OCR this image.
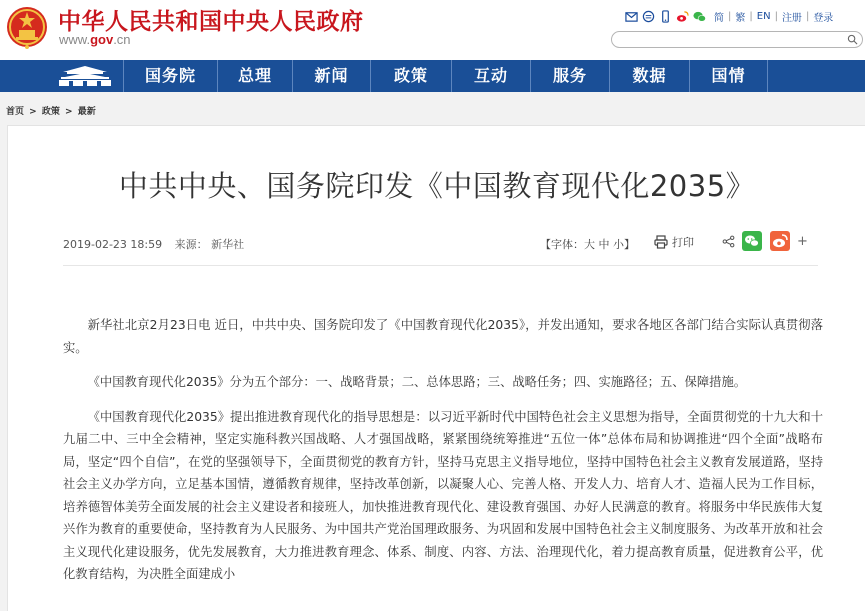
中华人民共和国中央人民政府
www.gov.cn
简 | 繁 | EN | 注册 | 登录
国务院	总理	新闻	政策	互动	服务	数据	国情
首页 > 政策 > 最新
中共中央、国务院印发《中国教育现代化2035》
2019-02-23 18:59 来源： 新华社	【字体：大 中 小】	打印	+

新华社北京2月23日电 近日，中共中央、国务院印发了《中国教育现代化2035》，并发出通知，要求各地区各部门结合实际认真贯彻落实。

《中国教育现代化2035》分为五个部分：一、战略背景；二、总体思路；三、战略任务；四、实施路径；五、保障措施。

《中国教育现代化2035》提出推进教育现代化的指导思想是：以习近平新时代中国特色社会主义思想为指导，全面贯彻党的十九大和十九届二中、三中全会精神，坚定实施科教兴国战略、人才强国战略，紧紧围绕统筹推进“五位一体”总体布局和协调推进“四个全面”战略布局，坚定“四个自信”，在党的坚强领导下，全面贯彻党的教育方针，坚持马克思主义指导地位，坚持中国特色社会主义教育发展道路，坚持社会主义办学方向，立足基本国情，遵循教育规律，坚持改革创新，以凝聚人心、完善人格、开发人力、培育人才、造福人民为工作目标，培养德智体美劳全面发展的社会主义建设者和接班人，加快推进教育现代化、建设教育强国、办好人民满意的教育。将服务中华民族伟大复兴作为教育的重要使命，坚持教育为人民服务、为中国共产党治国理政服务、为巩固和发展中国特色社会主义制度服务、为改革开放和社会主义现代化建设服务，优先发展教育，大力推进教育理念、体系、制度、内容、方法、治理现代化，着力提高教育质量，促进教育公平，优化教育结构，为决胜全面建成小
